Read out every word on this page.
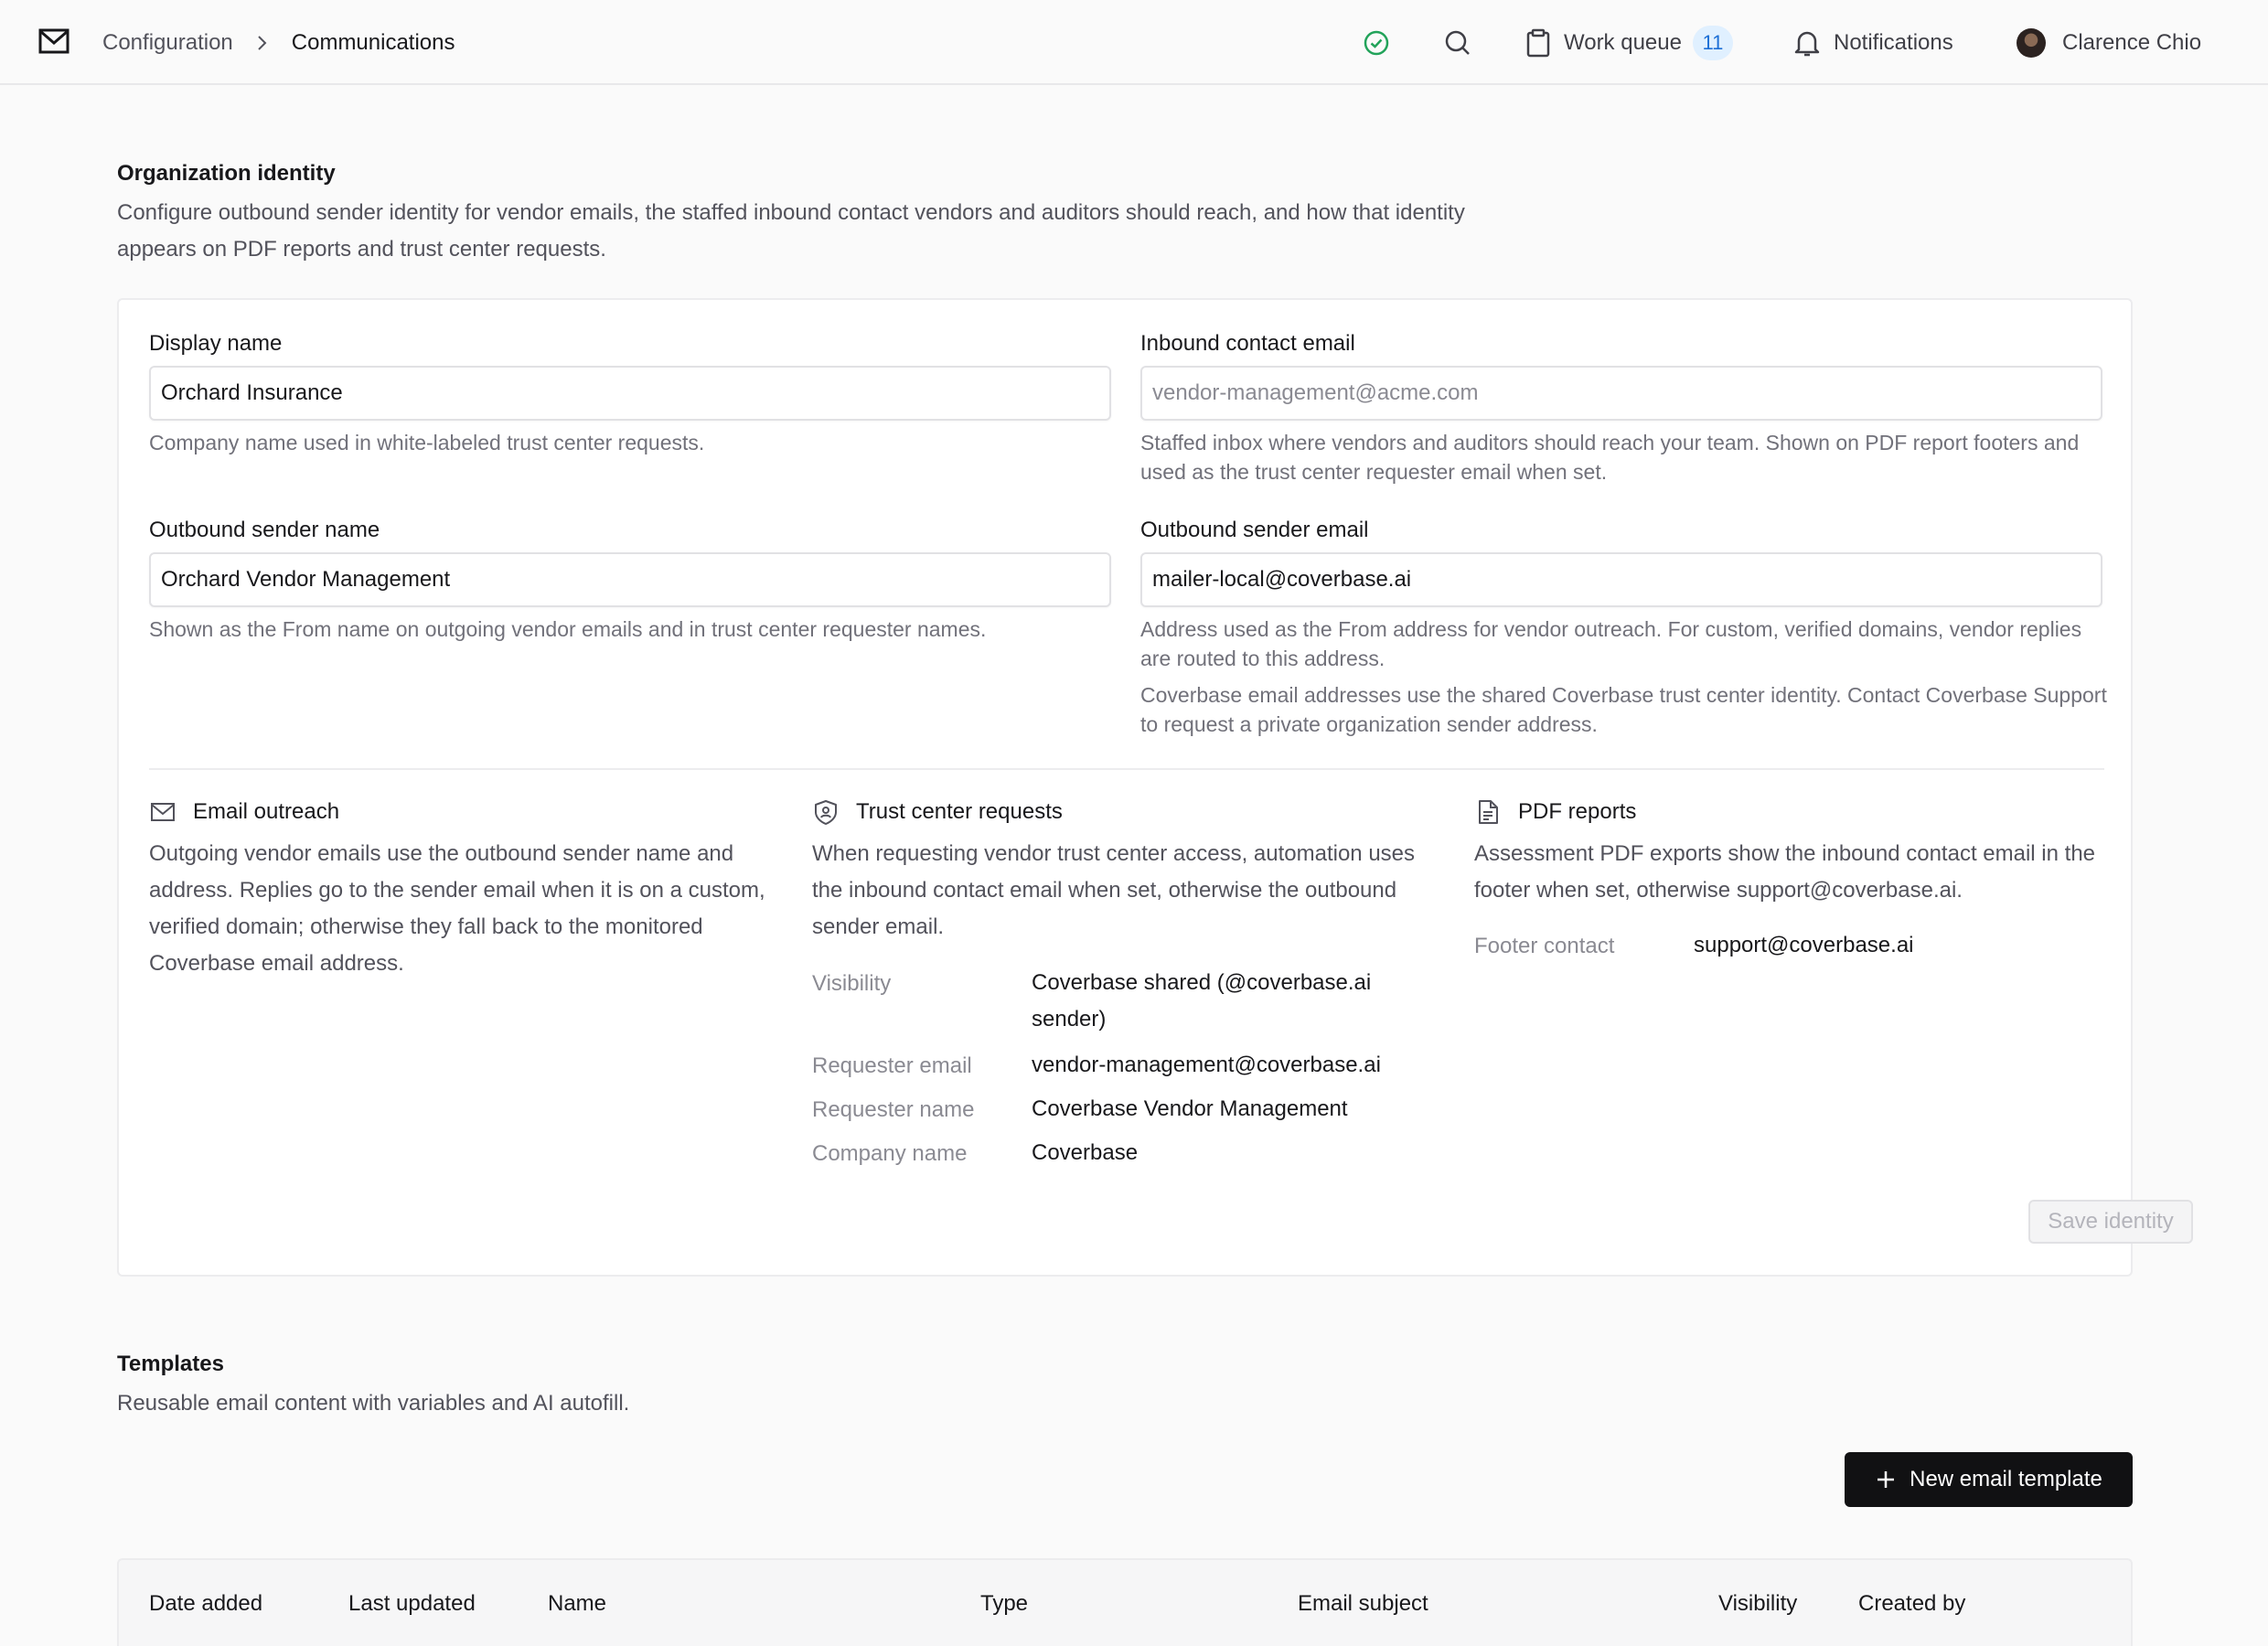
Configuration	Communications	Work queue	11	Notifications	Clarence Chio
Organization identity

Configure outbound sender identity for vendor emails, the staffed inbound contact vendors and auditors should reach, and how that identity appears on PDF reports and trust center requests.

Display name
Orchard Insurance

Company name used in white-labeled trust center requests.

Inbound contact email
vendor-management@acme.com

Staffed inbox where vendors and auditors should reach your team. Shown on PDF report footers and used as the trust center requester email when set.

Outbound sender name
Orchard Vendor Management

Shown as the From name on outgoing vendor emails and in trust center requester names.

Outbound sender email
mailer-local@coverbase.ai

Address used as the From address for vendor outreach. For custom, verified domains, vendor replies are routed to this address.

Coverbase email addresses use the shared Coverbase trust center identity. Contact Coverbase Support to request a private organization sender address.

Email outreach

Outgoing vendor emails use the outbound sender name and address. Replies go to the sender email when it is on a custom, verified domain; otherwise they fall back to the monitored Coverbase email address.

Trust center requests

When requesting vendor trust center access, automation uses the inbound contact email when set, otherwise the outbound sender email.

Visibility	Coverbase shared (@coverbase.ai sender)
Requester email	vendor-management@coverbase.ai
Requester name	Coverbase Vendor Management
Company name	Coverbase
PDF reports

Assessment PDF exports show the inbound contact email in the footer when set, otherwise support@coverbase.ai.

Footer contact	support@coverbase.ai
Save identity
Templates

Reusable email content with variables and AI autofill.

New email template
Date added	Last updated	Name	Type	Email subject	Visibility	Created by
